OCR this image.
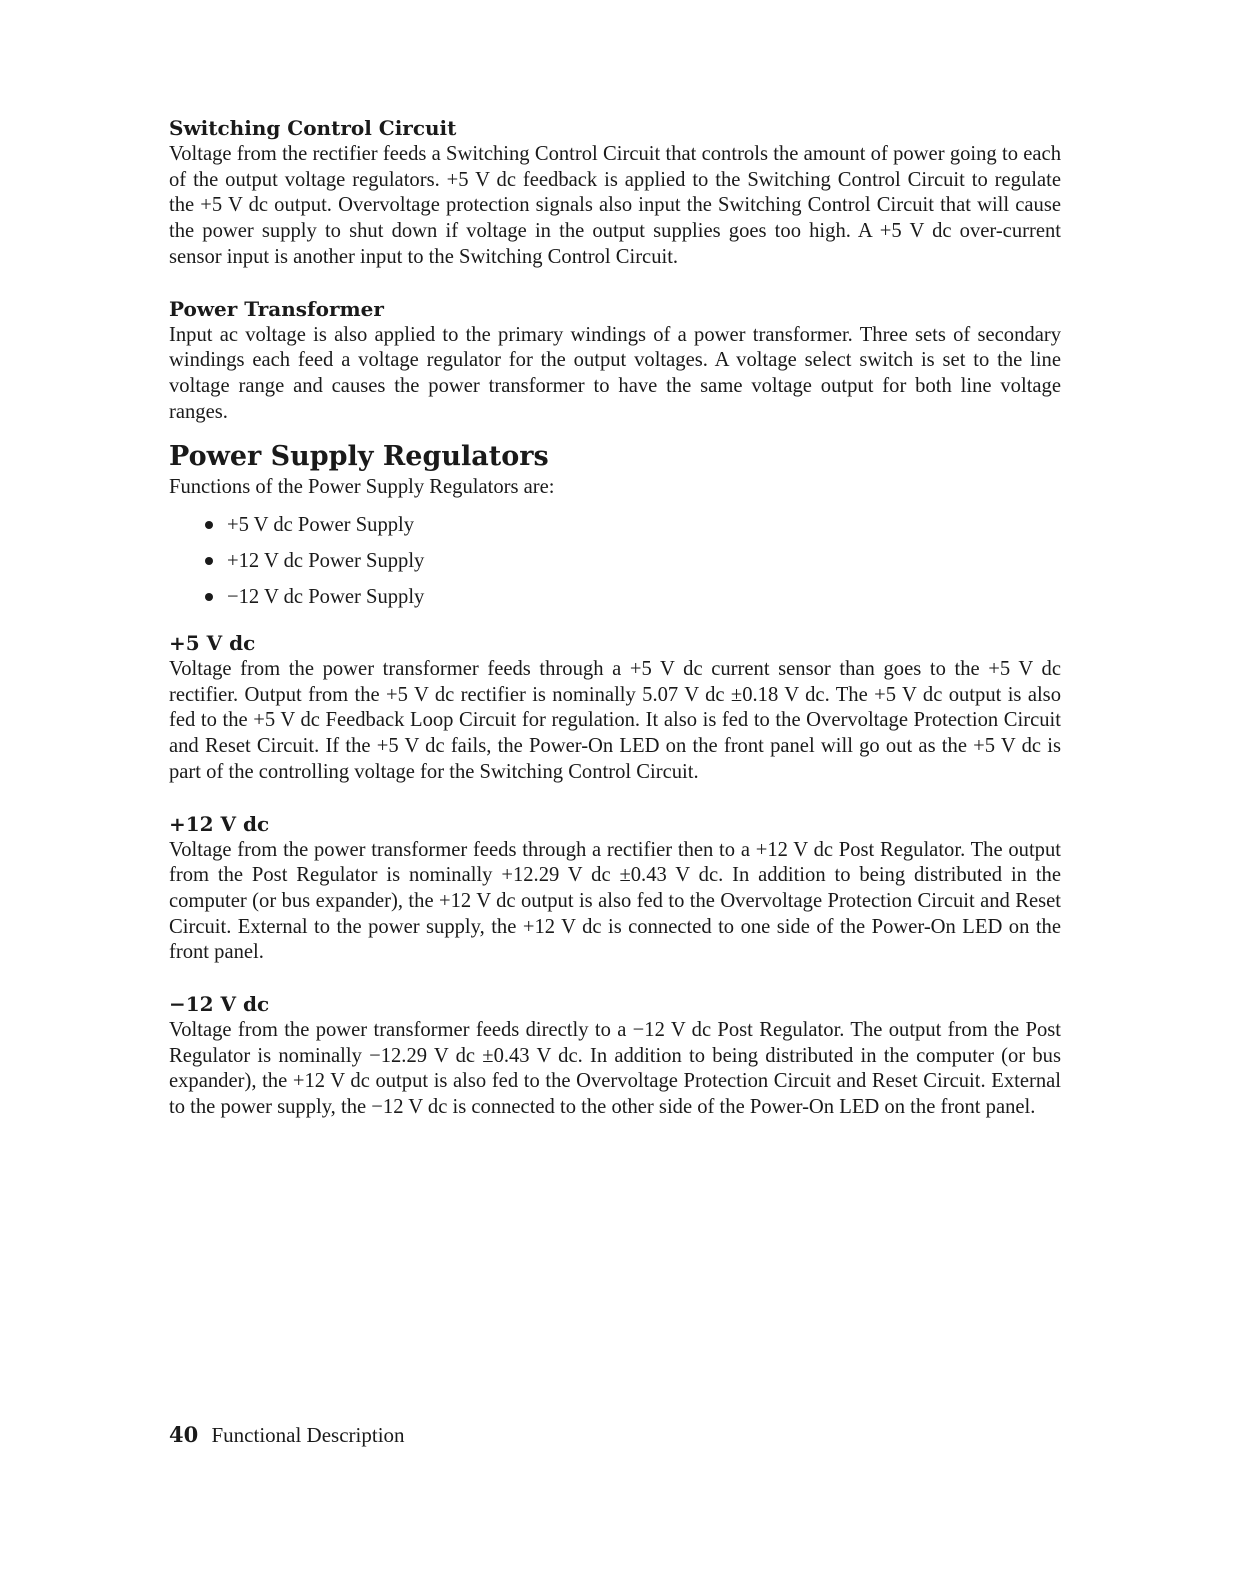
Switching Control Circuit

Voltage from the rectifier feeds a Switching Control Circuit that controls the amount of power going to each of the output voltage regulators. +5 V dc feedback is applied to the Switching Control Circuit to regulate the +5 V dc output. Overvoltage protection signals also input the Switching Control Circuit that will cause the power supply to shut down if voltage in the output supplies goes too high. A +5 V dc over-current sensor input is another input to the Switching Control Circuit.

Power Transformer

Input ac voltage is also applied to the primary windings of a power transformer. Three sets of secondary windings each feed a voltage regulator for the output voltages. A voltage select switch is set to the line voltage range and causes the power transformer to have the same voltage output for both line voltage ranges.

Power Supply Regulators

Functions of the Power Supply Regulators are:

+5 V dc Power Supply
+12 V dc Power Supply
−12 V dc Power Supply
+5 V dc

Voltage from the power transformer feeds through a +5 V dc current sensor than goes to the +5 V dc rectifier. Output from the +5 V dc rectifier is nominally 5.07 V dc ±0.18 V dc. The +5 V dc output is also fed to the +5 V dc Feedback Loop Circuit for regulation. It also is fed to the Overvoltage Protection Circuit and Reset Circuit. If the +5 V dc fails, the Power-On LED on the front panel will go out as the +5 V dc is part of the controlling voltage for the Switching Control Circuit.

+12 V dc

Voltage from the power transformer feeds through a rectifier then to a +12 V dc Post Regulator. The output from the Post Regulator is nominally +12.29 V dc ±0.43 V dc. In addition to being distributed in the computer (or bus expander), the +12 V dc output is also fed to the Overvoltage Protection Circuit and Reset Circuit. External to the power supply, the +12 V dc is connected to one side of the Power-On LED on the front panel.

−12 V dc

Voltage from the power transformer feeds directly to a −12 V dc Post Regulator. The output from the Post Regulator is nominally −12.29 V dc ±0.43 V dc. In addition to being distributed in the computer (or bus expander), the +12 V dc output is also fed to the Overvoltage Protection Circuit and Reset Circuit. External to the power supply, the −12 V dc is connected to the other side of the Power-On LED on the front panel.

40 Functional Description
